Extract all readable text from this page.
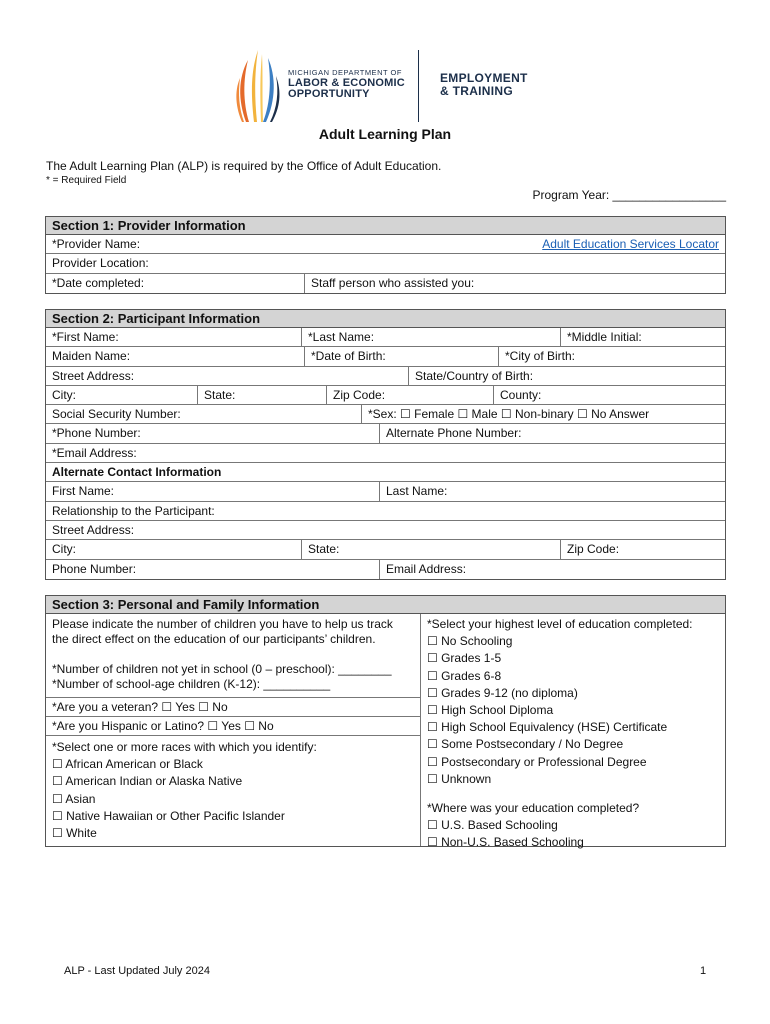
MICHIGAN DEPARTMENT OF
LABOR & ECONOMIC
OPPORTUNITY
EMPLOYMENT
& TRAINING
Adult Learning Plan
The Adult Learning Plan (ALP) is required by the Office of Adult Education.
* = Required Field
Program Year: _________________
Section 1: Provider Information
*Provider Name:	Adult Education Services Locator
Provider Location:
*Date completed:	Staff person who assisted you:
Section 2: Participant Information
*First Name:	*Last Name:	*Middle Initial:
Maiden Name:	*Date of Birth:	*City of Birth:
Street Address:	State/Country of Birth:
City:	State:	Zip Code:	County:
Social Security Number:	*Sex: ☐ Female ☐ Male ☐ Non-binary ☐ No Answer
*Phone Number:	Alternate Phone Number:
*Email Address:
Alternate Contact Information
First Name:	Last Name:
Relationship to the Participant:
Street Address:
City:	State:	Zip Code:
Phone Number:	Email Address:
Section 3: Personal and Family Information
Please indicate the number of children you have to help us track
the direct effect on the education of our participants’ children.
*Number of children not yet in school (0 – preschool): ________
*Number of school-age children (K-12): __________
*Are you a veteran? ☐ Yes ☐ No
*Are you Hispanic or Latino? ☐ Yes ☐ No
*Select one or more races with which you identify:
☐ African American or Black
☐ American Indian or Alaska Native
☐ Asian
☐ Native Hawaiian or Other Pacific Islander
☐ White
*Select your highest level of education completed:
☐ No Schooling
☐ Grades 1-5
☐ Grades 6-8
☐ Grades 9-12 (no diploma)
☐ High School Diploma
☐ High School Equivalency (HSE) Certificate
☐ Some Postsecondary / No Degree
☐ Postsecondary or Professional Degree
☐ Unknown
*Where was your education completed?
☐ U.S. Based Schooling
☐ Non-U.S. Based Schooling
ALP - Last Updated July 2024	1
